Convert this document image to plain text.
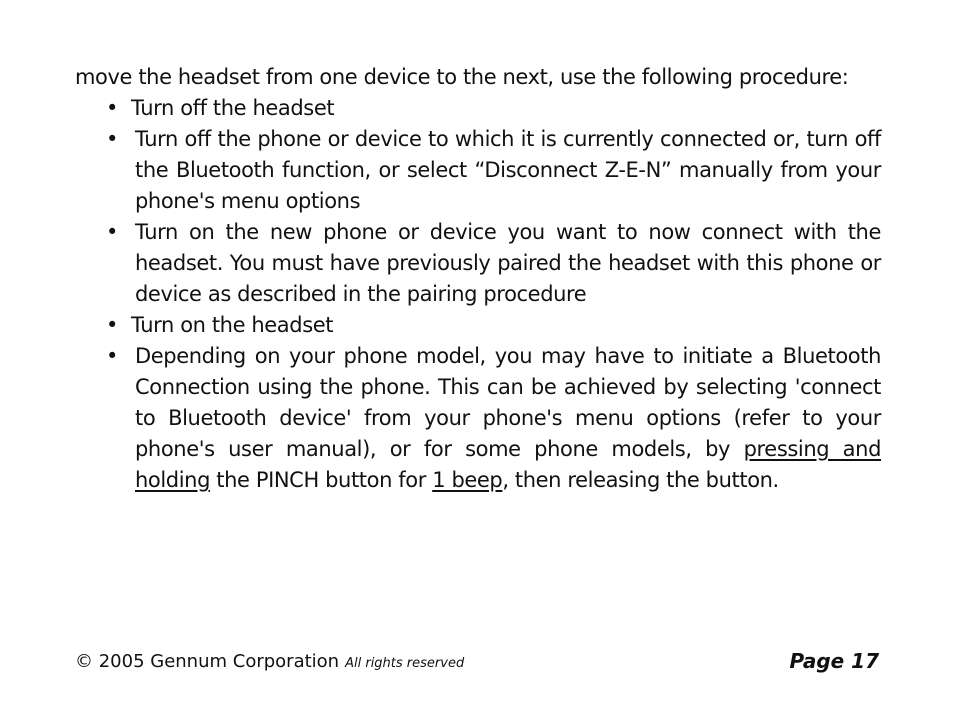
move the headset from one device to the next, use the following procedure:

• Turn off the headset
• Turn off the phone or device to which it is currently connected or, turn off the Bluetooth function, or select “Disconnect Z-E-N” manually from your phone's menu options
• Turn on the new phone or device you want to now connect with the headset. You must have previously paired the headset with this phone or device as described in the pairing procedure
• Turn on the headset
• Depending on your phone model, you may have to initiate a Bluetooth Connection using the phone. This can be achieved by selecting 'connect to Bluetooth device' from your phone's menu options (refer to your phone's user manual), or for some phone models, by pressing and holding the PINCH button for 1 beep, then releasing the button.
© 2005 Gennum Corporation All rights reserved	Page 17
